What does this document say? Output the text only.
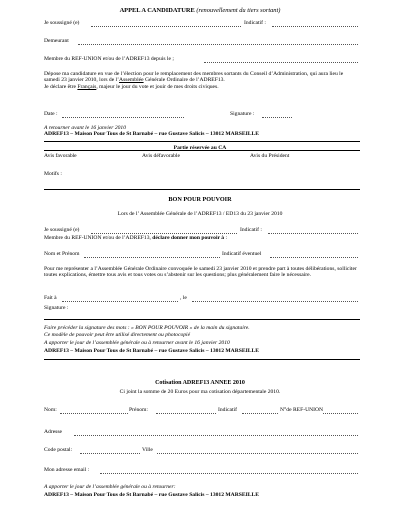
APPEL A CANDIDATURE (renouvellement du tiers sortant)
Je soussigné (e)	Indicatif :
Demeurant
Membre du REF-UNION et/ou de l’ADREF13 depuis le ;
Dépose ma candidature en vue de l’élection pour le remplacement des membres sortants du Conseil d’Administration, qui aura lieu le samedi 23 janvier 2010, lors de l’Assemblée Générale Ordinaire de l’ADREF13.
Je déclare être Français, majeur le jour du vote et jouir de mes droits civiques.
Date :	Signature :
A retourner avant le 16 janvier 2010
ADREF13 – Maison Pour Tous de St Barnabé – rue Gustave Salicis – 13012 MARSEILLE
Partie réservée au CA
Avis favorable	Avis défavorable	Avis du Président
Motifs :
BON POUR POUVOIR
Lors de l’ Assemblée Générale de l’ADREF13 / ED13 du 23 janvier 2010
Je soussigné (e)	Indicatif :
Membre du REF-UNION et/ou de l’ADREF13, déclare donner mon pouvoir à :
Nom et Prénom	Indicatif éventuel
Pour me représenter a l’Assemblée Générale Ordinaire convoquée le samedi 23 janvier 2010 et prendre part à toutes délibérations, solliciter toutes explications, émettre tous avis et tous votes ou s’abstenir sur les questions; plus généralement faire le nécessaire.
Fait à	, le
Signature :
Faire précéder la signature des mots : « BON POUR POUVOIR » de la main du signataire.
Ce modèle de pouvoir peut être utilisé directement ou photocopié
A apporter le jour de l’assemblée générale ou à retourner avant le 16 janvier 2010
ADREF13 – Maison Pour Tous de St Barnabé – rue Gustave Salicis – 13012 MARSEILLE
Cotisation ADREF13 ANNEE 2010
Ci joint la somme de 20 Euros pour ma cotisation départementale 2010.
Nom:	Prénom:	Indicatif	N°de REF-UNION
Adresse
Code postal:	Ville
Mon adresse email :
A apporter le jour de l’assemblée générale ou à retourner:
ADREF13 – Maison Pour Tous de St Barnabé – rue Gustave Salicis – 13012 MARSEILLE
